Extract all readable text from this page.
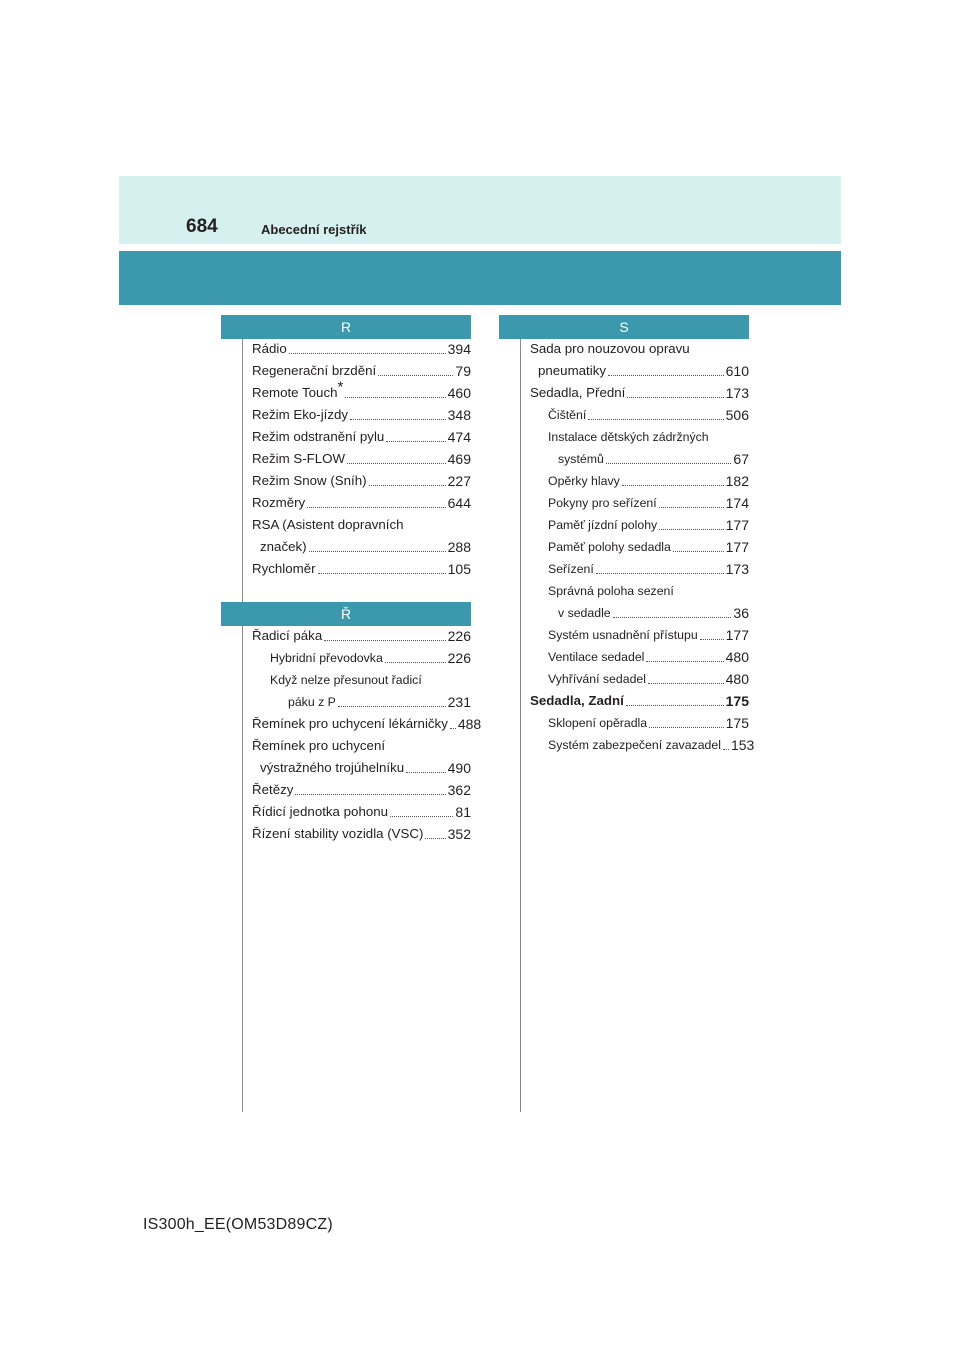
684	Abecední rejstřík
R
Rádio	394
Regenerační brzdění	79
Remote Touch*	460
Režim Eko-jízdy	348
Režim odstranění pylu	474
Režim S-FLOW	469
Režim Snow (Sníh)	227
Rozměry	644
RSA (Asistent dopravních
značek)	288
Rychloměr	105
Ř
Řadicí páka	226
Hybridní převodovka	226
Když nelze přesunout řadicí
páku z P	231
Řemínek pro uchycení lékárničky 488
Řemínek pro uchycení
výstražného trojúhelníku	490
Řetězy	362
Řídicí jednotka pohonu	81
Řízení stability vozidla (VSC) 352
S
Sada pro nouzovou opravu
pneumatiky	610
Sedadla, Přední	173
Čištění	506
Instalace dětských zádržných
systémů	67
Opěrky hlavy	182
Pokyny pro seřízení	174
Paměť jízdní polohy	177
Paměť polohy sedadla	177
Seřízení	173
Správná poloha sezení
v sedadle	36
Systém usnadnění přístupu 177
Ventilace sedadel	480
Vyhřívání sedadel	480
Sedadla, Zadní	175
Sklopení opěradla	175
Systém zabezpečení zavazadel 153
IS300h_EE(OM53D89CZ)
